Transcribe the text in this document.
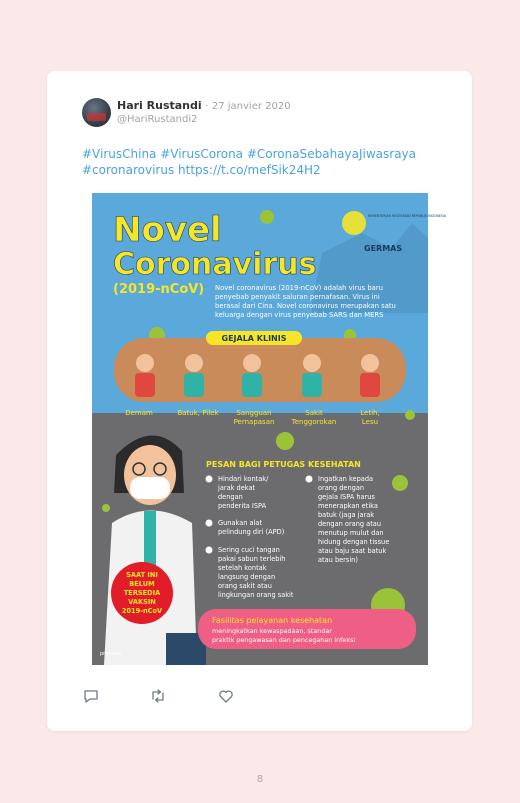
Hari Rustandi · 27 janvier 2020
@HariRustandi2
#VirusChina #VirusCorona #CoronaSebahayaJiwasraya
#coronarovirus https://t.co/mefSik24H2
Novel
Coronavirus
(2019-nCoV)
KEMENTERIAN KESEHATAN REPUBLIK INDONESIA
GERMAS
Novel coronavirus (2019-nCoV) adalah virus baru
penyebab penyakit saluran pernafasan. Virus ini
berasal dari Cina. Novel coronavirus merupakan satu
keluarga dengan virus penyebab SARS dan MERS
GEJALA KLINIS
Demam	Batuk, Pilek	Sangguan
Pernapasan
Sakit
Tenggorokan
Letih,
Lesu
PESAN BAGI PETUGAS KESEHATAN
Hindari kontak/
jarak dekat
dengan
penderita ISPA
Gunakan alat
pelindung diri (APD)
Sering cuci tangan
pakai sabun terlebih
setelah kontak
langsung dengan
orang sakit atau
lingkungan orang sakit
Ingatkan kepada
orang dengan
gejala ISPA harus
menerapkan etika
batuk (jaga jarak
dengan orang atau
menutup mulut dan
hidung dengan tissue
atau baju saat batuk
atau bersin)
SAAT INI
BELUM
TERSEDIA
VAKSIN
2019-nCoV
Fasilitas pelayanan kesehatan
meningkatkan kewaspadaan, standar
praktik pengawasan dan pencegahan infeksi
promkes
8
